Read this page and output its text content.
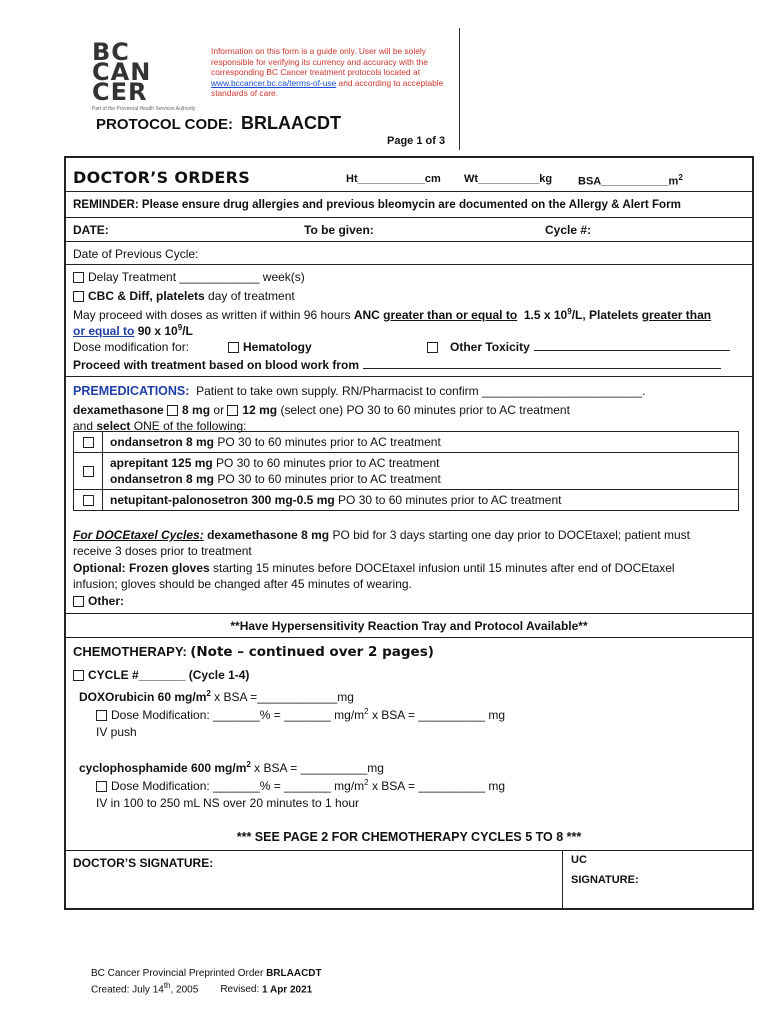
BC
CAN
CER
Part of the Provincial Health Services Authority
Information on this form is a guide only. User will be solely responsible for verifying its currency and accuracy with the corresponding BC Cancer treatment protocols located at www.bccancer.bc.ca/terms-of-use and according to acceptable standards of care.
PROTOCOL CODE: BRLAACDT
Page 1 of 3
DOCTOR’S ORDERS	Ht___________cm Wt__________kg $BSA\_\_\_\_\_\_\_\_\_\_\_m^2$
REMINDER: Please ensure drug allergies and previous bleomycin are documented on the Allergy & Alert Form
DATE:	To be given:	Cycle #:
Date of Previous Cycle:
Delay Treatment ____________ week(s)
CBC & Diff, platelets day of treatment
May proceed with doses as written if within 96 hours ANC greater than or equal to 1.5 x $10^9/L$, Platelets greater than
or equal to 90 x $10^9/L$
Dose modification for:	Hematology	Other Toxicity
Proceed with treatment based on blood work from
PREMEDICATIONS: Patient to take own supply. RN/Pharmacist to confirm ________________________.
dexamethasone 8 mg or 12 mg (select one) PO 30 to 60 minutes prior to AC treatment
and select ONE of the following:
ondansetron 8 mg PO 30 to 60 minutes prior to AC treatment
aprepitant 125 mg PO 30 to 60 minutes prior to AC treatment
ondansetron 8 mg PO 30 to 60 minutes prior to AC treatment
netupitant-palonosetron 300 mg-0.5 mg PO 30 to 60 minutes prior to AC treatment
For DOCEtaxel Cycles: dexamethasone 8 mg PO bid for 3 days starting one day prior to DOCEtaxel; patient must
receive 3 doses prior to treatment
Optional: Frozen gloves starting 15 minutes before DOCEtaxel infusion until 15 minutes after end of DOCEtaxel
infusion; gloves should be changed after 45 minutes of wearing.
Other:
**Have Hypersensitivity Reaction Tray and Protocol Available**
CHEMOTHERAPY: (Note – continued over 2 pages)
CYCLE #_______ (Cycle 1-4)
DOXOrubicin 60 $mg/m^2$ x BSA =____________mg
Dose Modification: _______% = _______ $mg/m^2$ x BSA = __________ mg
IV push
cyclophosphamide 600 $mg/m^2$ x BSA = __________mg
Dose Modification: _______% = _______ $mg/m^2$ x BSA = __________ mg
IV in 100 to 250 mL NS over 20 minutes to 1 hour
*** SEE PAGE 2 FOR CHEMOTHERAPY CYCLES 5 TO 8 ***
DOCTOR’S SIGNATURE:	UC
SIGNATURE:
BC Cancer Provincial Preprinted Order BRLAACDT
Created: July 14th, 2005 Revised: 1 Apr 2021
